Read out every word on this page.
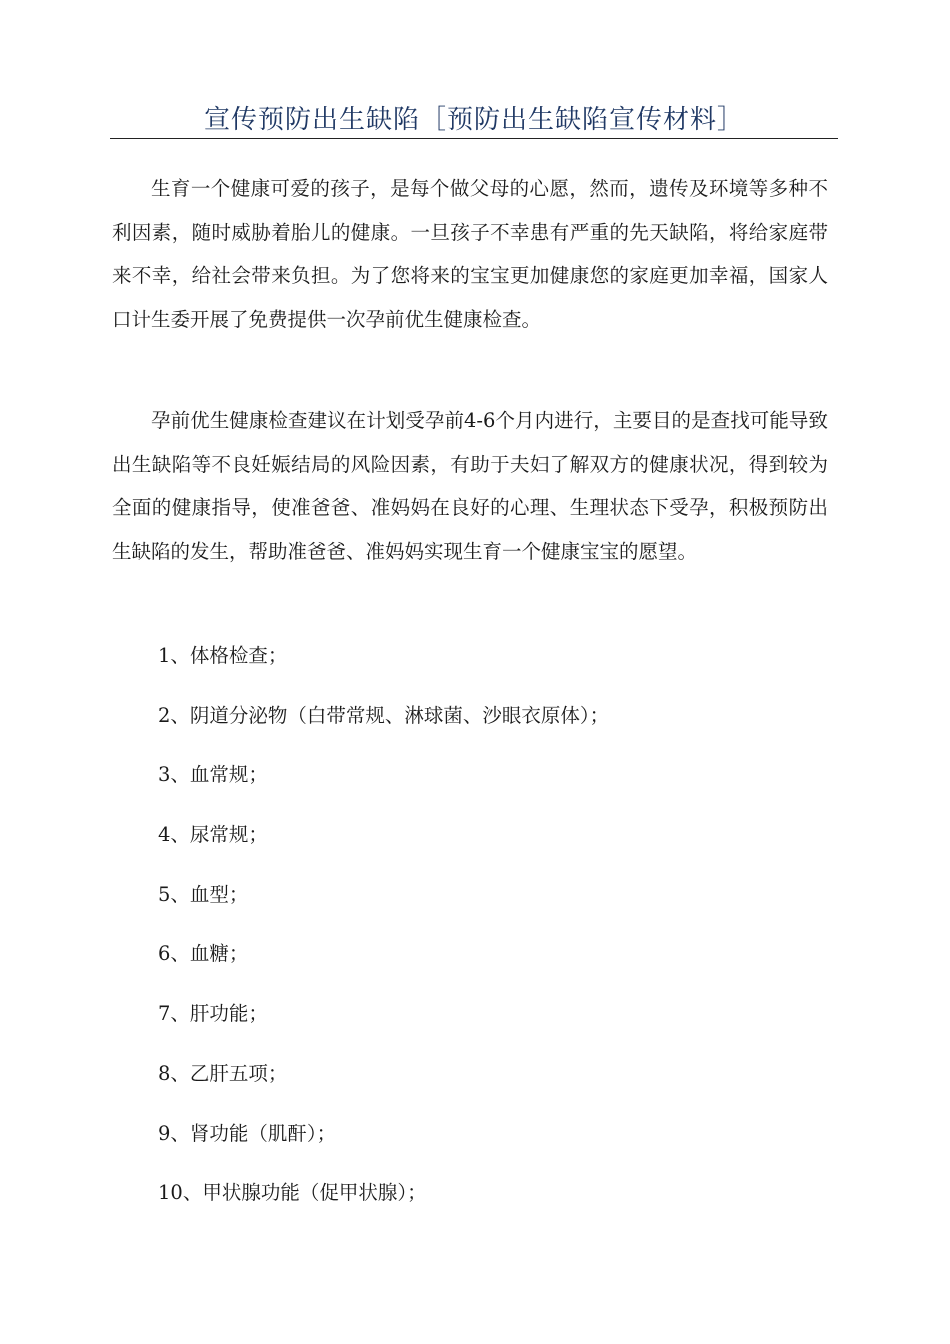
宣传预防出生缺陷［预防出生缺陷宣传材料］

生育一个健康可爱的孩子，是每个做父母的心愿，然而，遗传及环境等多种不利因素，随时威胁着胎儿的健康。一旦孩子不幸患有严重的先天缺陷，将给家庭带来不幸，给社会带来负担。为了您将来的宝宝更加健康您的家庭更加幸福，国家人口计生委开展了免费提供一次孕前优生健康检查。

孕前优生健康检查建议在计划受孕前4-6个月内进行，主要目的是查找可能导致出生缺陷等不良妊娠结局的风险因素，有助于夫妇了解双方的健康状况，得到较为全面的健康指导，使准爸爸、准妈妈在良好的心理、生理状态下受孕，积极预防出生缺陷的发生，帮助准爸爸、准妈妈实现生育一个健康宝宝的愿望。

1、体格检查；
2、阴道分泌物（白带常规、淋球菌、沙眼衣原体）；
3、血常规；
4、尿常规；
5、血型；
6、血糖；
7、肝功能；
8、乙肝五项；
9、肾功能（肌酐）；
10、甲状腺功能（促甲状腺）；
